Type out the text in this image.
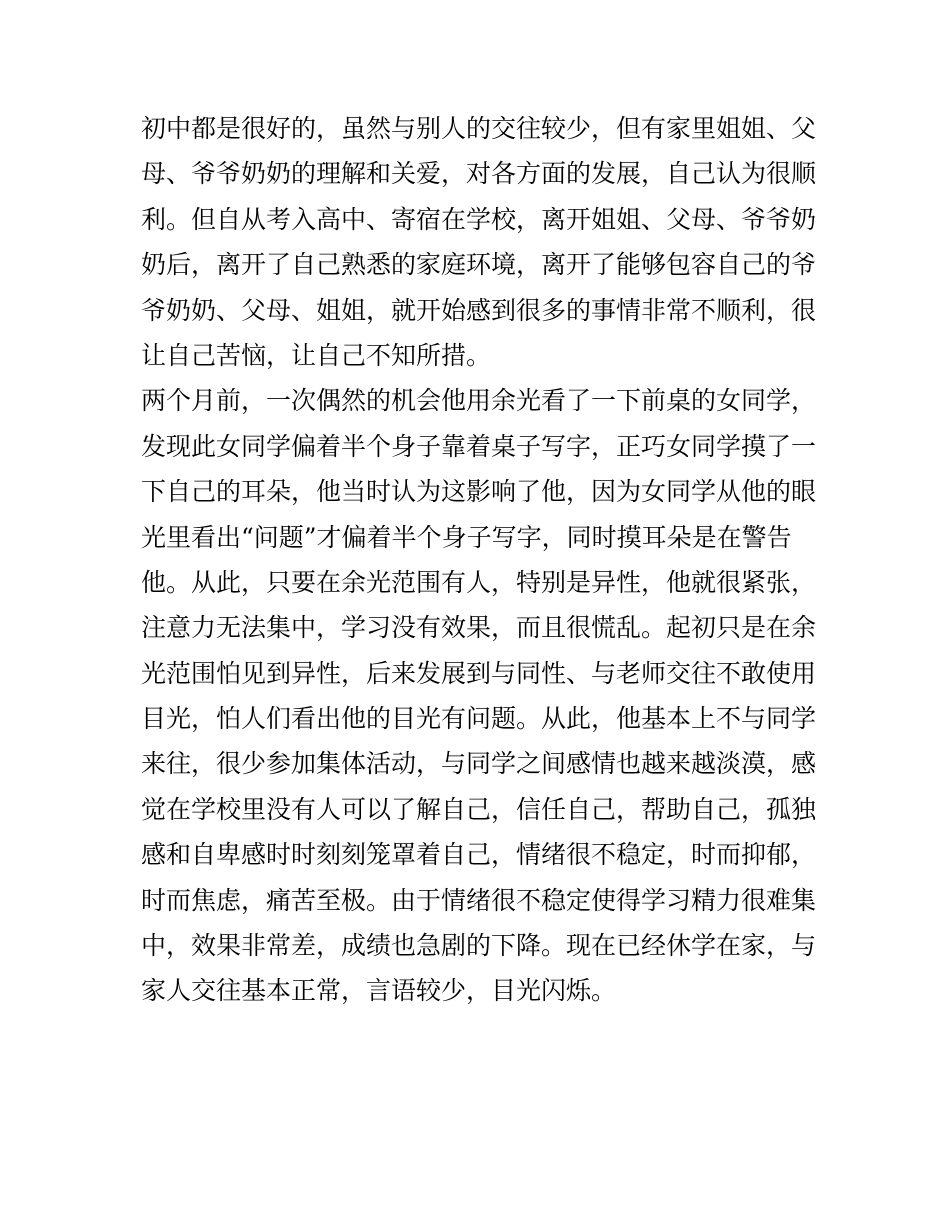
初中都是很好的，虽然与别人的交往较少，但有家里姐姐、父

母、爷爷奶奶的理解和关爱，对各方面的发展，自己认为很顺

利。但自从考入高中、寄宿在学校，离开姐姐、父母、爷爷奶

奶后，离开了自己熟悉的家庭环境，离开了能够包容自己的爷

爷奶奶、父母、姐姐，就开始感到很多的事情非常不顺利，很

让自己苦恼，让自己不知所措。

两个月前，一次偶然的机会他用余光看了一下前桌的女同学，

发现此女同学偏着半个身子靠着桌子写字，正巧女同学摸了一

下自己的耳朵，他当时认为这影响了他，因为女同学从他的眼

光里看出“问题”才偏着半个身子写字，同时摸耳朵是在警告

他。从此，只要在余光范围有人，特别是异性，他就很紧张，

注意力无法集中，学习没有效果，而且很慌乱。起初只是在余

光范围怕见到异性，后来发展到与同性、与老师交往不敢使用

目光，怕人们看出他的目光有问题。从此，他基本上不与同学

来往，很少参加集体活动，与同学之间感情也越来越淡漠，感

觉在学校里没有人可以了解自己，信任自己，帮助自己，孤独

感和自卑感时时刻刻笼罩着自己，情绪很不稳定，时而抑郁，

时而焦虑，痛苦至极。由于情绪很不稳定使得学习精力很难集

中，效果非常差，成绩也急剧的下降。现在已经休学在家，与

家人交往基本正常，言语较少，目光闪烁。
